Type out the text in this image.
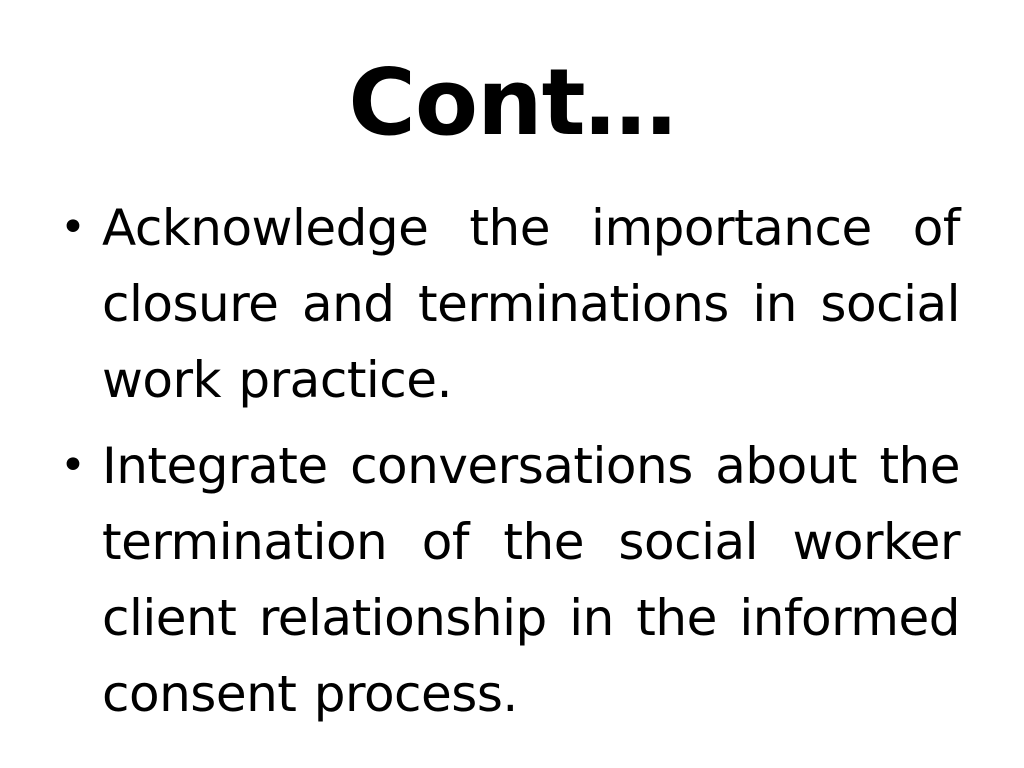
Cont…
• Acknowledge the importance of closure and terminations in social work practice.
• Integrate conversations about the termination of the social worker client relationship in the informed consent process.
